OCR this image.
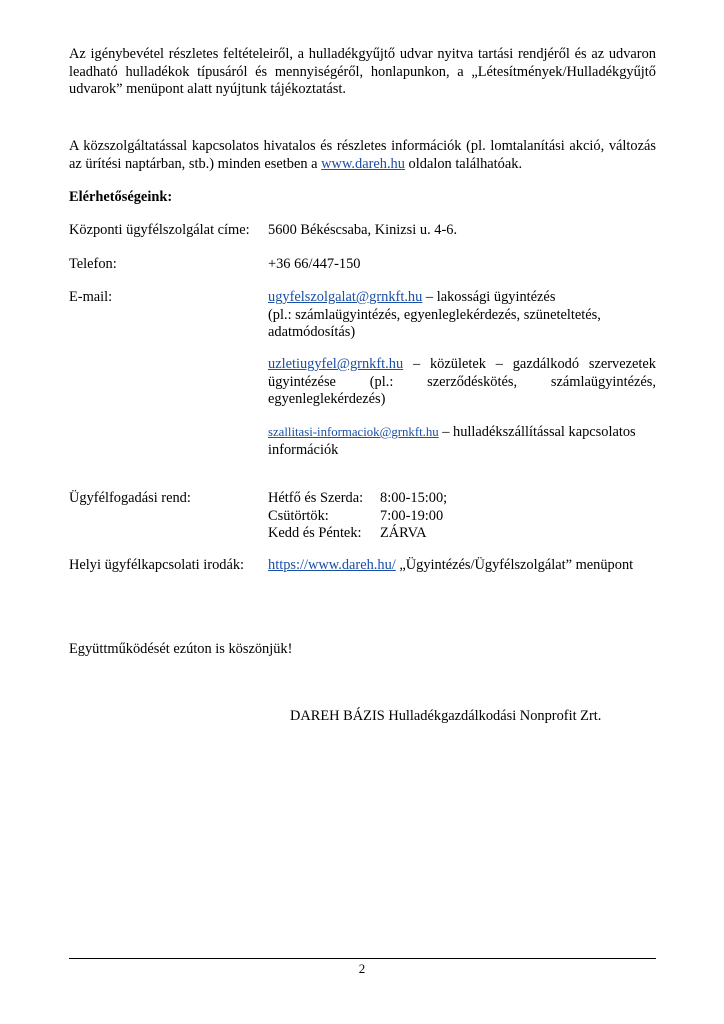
Az igénybevétel részletes feltételeiről, a hulladékgyűjtő udvar nyitva tartási rendjéről és az udvaron
leadható hulladékok típusáról és mennyiségéről, honlapunkon, a „Létesítmények/Hulladékgyűjtő
udvarok” menüpont alatt nyújtunk tájékoztatást.
A közszolgáltatással kapcsolatos hivatalos és részletes információk (pl. lomtalanítási akció, változás
az ürítési naptárban, stb.) minden esetben a www.dareh.hu oldalon találhatóak.
Elérhetőségeink:
Központi ügyfélszolgálat címe: 5600 Békéscsaba, Kinizsi u. 4-6.
Telefon:	+36 66/447-150
E-mail:	ugyfelszolgalat@grnkft.hu – lakossági ügyintézés
(pl.: számlaügyintézés, egyenleglekérdezés, szüneteltetés,
adatmódosítás)
uzletiugyfel@grnkft.hu – közületek – gazdálkodó szervezetek
ügyintézése (pl.: szerződéskötés, számlaügyintézés,
egyenleglekérdezés)
szallitasi-informaciok@grnkft.hu – hulladékszállítással kapcsolatos
információk
Ügyfélfogadási rend:	Hétfő és Szerda: 8:00-15:00;
Csütörtök:	7:00-19:00
Kedd és Péntek: ZÁRVA
Helyi ügyfélkapcsolati irodák: https://www.dareh.hu/ „Ügyintézés/Ügyfélszolgálat” menüpont
Együttműködését ezúton is köszönjük!
DAREH BÁZIS Hulladékgazdálkodási Nonprofit Zrt.
2
